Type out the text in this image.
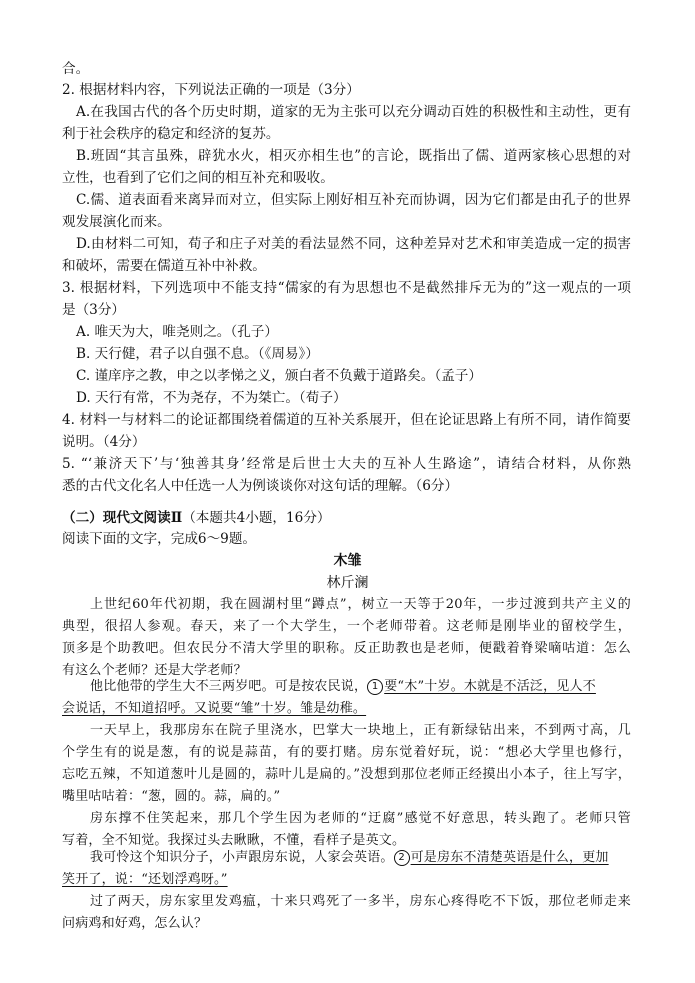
合。
2. 根据材料内容，下列说法正确的一项是（3分）
A.在我国古代的各个历史时期，道家的无为主张可以充分调动百姓的积极性和主动性，更有
利于社会秩序的稳定和经济的复苏。
B.班固“其言虽殊，辟犹水火，相灭亦相生也”的言论，既指出了儒、道两家核心思想的对
立性，也看到了它们之间的相互补充和吸收。
C.儒、道表面看来离异而对立，但实际上刚好相互补充而协调，因为它们都是由孔子的世界
观发展演化而来。
D.由材料二可知，荀子和庄子对美的看法显然不同，这种差异对艺术和审美造成一定的损害
和破坏，需要在儒道互补中补救。
3. 根据材料，下列选项中不能支持“儒家的有为思想也不是截然排斥无为的”这一观点的一项
是（3分）
A. 唯天为大，唯尧则之。（孔子）
B. 天行健，君子以自强不息。（《周易》）
C. 谨庠序之教，申之以孝悌之义，颁白者不负戴于道路矣。（孟子）
D. 天行有常，不为尧存，不为桀亡。（荀子）
4. 材料一与材料二的论证都围绕着儒道的互补关系展开，但在论证思路上有所不同，请作简要
说明。（4分）
5. “‘兼济天下’与‘独善其身’经常是后世士大夫的互补人生路途”，请结合材料，从你熟
悉的古代文化名人中任选一人为例谈谈你对这句话的理解。（6分）
（二）现代文阅读Ⅱ（本题共4小题，16分）
阅读下面的文字，完成6～9题。
木雏
林斤澜
上世纪60年代初期，我在圆湖村里“蹲点”，树立一天等于20年，一步过渡到共产主义的
典型，很招人参观。春天，来了一个大学生，一个老师带着。这老师是刚毕业的留校学生，
顶多是个助教吧。但农民分不清大学里的职称。反正助教也是老师，便戳着脊梁嘀咕道：怎么
有这么个老师？还是大学老师？
他比他带的学生大不三两岁吧。可是按农民说， 1 要“木”十岁。木就是不活泛，见人不
会说话，不知道招呼。又说要“雏”十岁。雏是幼稚。
一天早上，我那房东在院子里浇水，巴掌大一块地上，正有新绿钻出来，不到两寸高，几
个学生有的说是葱，有的说是蒜苗，有的要打赌。房东觉着好玩，说：“想必大学里也修行，
忘吃五辣，不知道葱叶儿是圆的，蒜叶儿是扁的。”没想到那位老师正经摸出小本子，往上写字，
嘴里咕咕着：“葱，圆的。蒜，扁的。”
房东撑不住笑起来，那几个学生因为老师的“迂腐”感觉不好意思，转头跑了。老师只管
写着，全不知觉。我探过头去瞅瞅，不懂，看样子是英文。
我可怜这个知识分子，小声跟房东说，人家会英语。 2 可是房东不清楚英语是什么，更加
笑开了，说：“还划浮鸡呀。”
过了两天，房东家里发鸡瘟，十来只鸡死了一多半，房东心疼得吃不下饭，那位老师走来
问病鸡和好鸡，怎么认？
